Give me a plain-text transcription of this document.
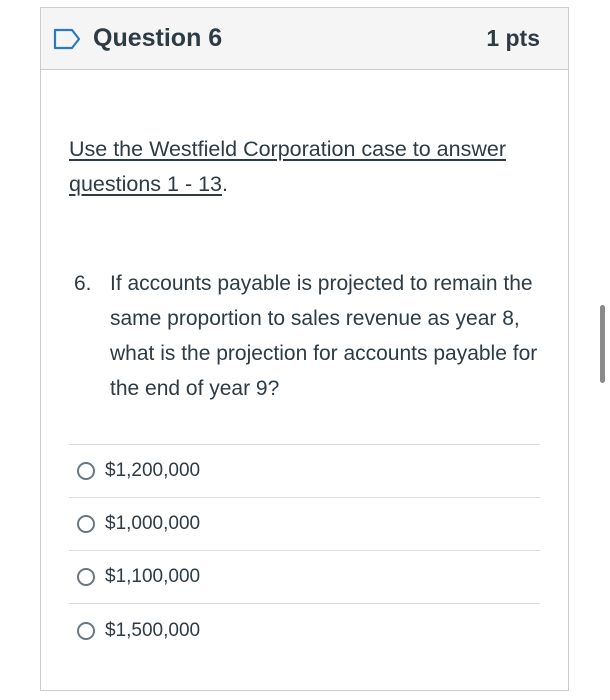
Question 6	1 pts
Use the Westfield Corporation case to answer questions 1 - 13.
6. If accounts payable is projected to remain the same proportion to sales revenue as year 8, what is the projection for accounts payable for the end of year 9?
$1,200,000
$1,000,000
$1,100,000
$1,500,000
